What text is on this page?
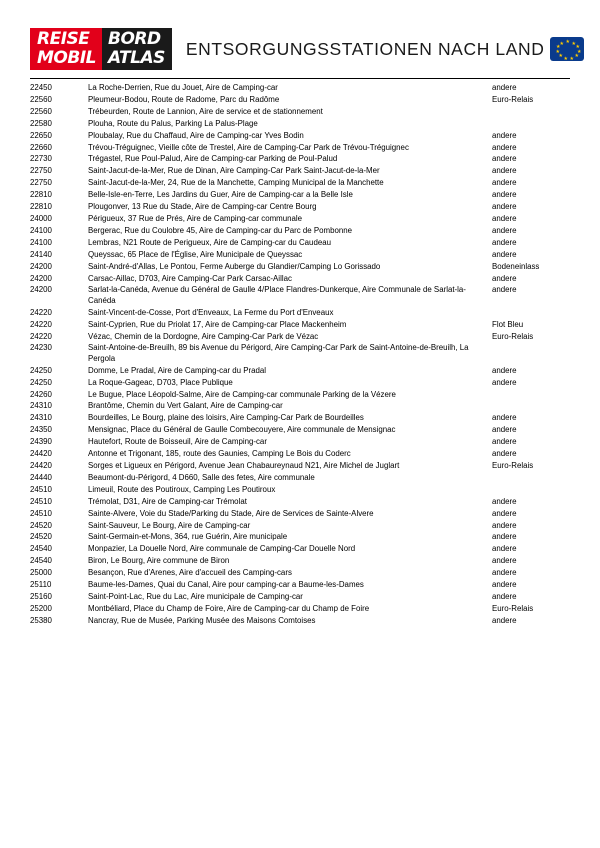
REISE
MOBIL
BORD
ATLAS	ENTSORGUNGSSTATIONEN NACH LAND	★ ★
★
★
★
★
★
★
★
★
★
22450	La Roche-Derrien, Rue du Jouet, Aire de Camping-car	andere
22560	Pleumeur-Bodou, Route de Radome, Parc du Radôme	Euro-Relais
22560	Trébeurden, Route de Lannion, Aire de service et de stationnement	
22580	Plouha, Route du Palus, Parking La Palus-Plage	
22650	Ploubalay, Rue du Chaffaud, Aire de Camping-car Yves Bodin	andere
22660	Trévou-Tréguignec, Vieille côte de Trestel, Aire de Camping-Car Park de Trévou-Tréguignec	andere
22730	Trégastel, Rue Poul-Palud, Aire de Camping-car Parking de Poul-Palud	andere
22750	Saint-Jacut-de-la-Mer, Rue de Dinan, Aire Camping-Car Park Saint-Jacut-de-la-Mer	andere
22750	Saint-Jacut-de-la-Mer, 24, Rue de la Manchette, Camping Municipal de la Manchette	andere
22810	Belle-Isle-en-Terre, Les Jardins du Guer, Aire de Camping-car a la Belle Isle	andere
22810	Plougonver, 13 Rue du Stade, Aire de Camping-car Centre Bourg	andere
24000	Périgueux, 37 Rue de Prés, Aire de Camping-car communale	andere
24100	Bergerac, Rue du Coulobre 45, Aire de Camping-car du Parc de Pombonne	andere
24100	Lembras, N21 Route de Perigueux, Aire de Camping-car du Caudeau	andere
24140	Queyssac, 65 Place de l'Église, Aire Municipale de Queyssac	andere
24200	Saint-André-d'Allas, Le Pontou, Ferme Auberge du Glandier/Camping Lo Gorissado	Bodeneinlass
24200	Carsac-Aillac, D703, Aire Camping-Car Park Carsac-Aillac	andere
24200	Sarlat-la-Canéda, Avenue du Général de Gaulle 4/Place Flandres-Dunkerque, Aire Communale de Sarlat-la-Canéda	andere
24220	Saint-Vincent-de-Cosse, Port d'Enveaux, La Ferme du Port d'Enveaux	
24220	Saint-Cyprien, Rue du Priolat 17, Aire de Camping-car Place Mackenheim	Flot Bleu
24220	Vézac, Chemin de la Dordogne, Aire Camping-Car Park de Vézac	Euro-Relais
24230	Saint-Antoine-de-Breuilh, 89 bis Avenue du Périgord, Aire Camping-Car Park de Saint-Antoine-de-Breuilh, La Pergola	
24250	Domme, Le Pradal, Aire de Camping-car du Pradal	andere
24250	La Roque-Gageac, D703, Place Publique	andere
24260	Le Bugue, Place Léopold-Salme, Aire de Camping-car communale Parking de la Vézere	
24310	Brantôme, Chemin du Vert Galant, Aire de Camping-car	
24310	Bourdeilles, Le Bourg, plaine des loisirs, Aire Camping-Car Park de Bourdeilles	andere
24350	Mensignac, Place du Général de Gaulle Combecouyere, Aire communale de Mensignac	andere
24390	Hautefort, Route de Boisseuil, Aire de Camping-car	andere
24420	Antonne et Trigonant, 185, route des Gaunies, Camping Le Bois du Coderc	andere
24420	Sorges et Ligueux en Périgord, Avenue Jean Chabaureynaud N21, Aire Michel de Juglart	Euro-Relais
24440	Beaumont-du-Périgord, 4 D660, Salle des fetes, Aire communale	
24510	Limeuil, Route des Poutiroux, Camping Les Poutiroux	
24510	Trémolat, D31, Aire de Camping-car Trémolat	andere
24510	Sainte-Alvere, Voie du Stade/Parking du Stade, Aire de Services de Sainte-Alvere	andere
24520	Saint-Sauveur, Le Bourg, Aire de Camping-car	andere
24520	Saint-Germain-et-Mons, 364, rue Guérin, Aire municipale	andere
24540	Monpazier, La Douelle Nord, Aire communale de Camping-Car Douelle Nord	andere
24540	Biron, Le Bourg, Aire commune de Biron	andere
25000	Besançon, Rue d'Arenes, Aire d'accueil des Camping-cars	andere
25110	Baume-les-Dames, Quai du Canal, Aire pour camping-car a Baume-les-Dames	andere
25160	Saint-Point-Lac, Rue du Lac, Aire municipale de Camping-car	andere
25200	Montbéliard, Place du Champ de Foire, Aire de Camping-car du Champ de Foire	Euro-Relais
25380	Nancray, Rue de Musée, Parking Musée des Maisons Comtoises	andere
